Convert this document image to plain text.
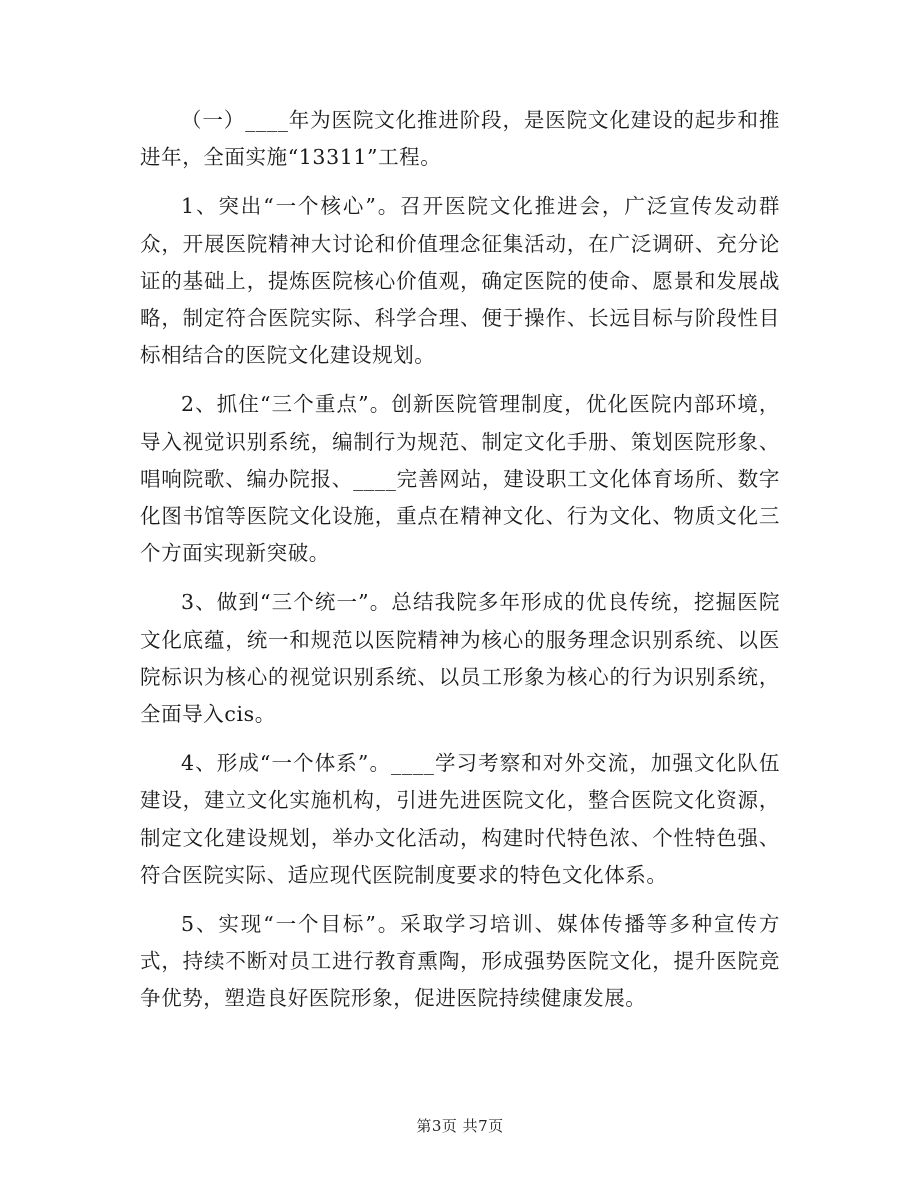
（一）____年为医院文化推进阶段，是医院文化建设的起步和推进年，全面实施“13311”工程。

1、突出“一个核心”。召开医院文化推进会，广泛宣传发动群众，开展医院精神大讨论和价值理念征集活动，在广泛调研、充分论证的基础上，提炼医院核心价值观，确定医院的使命、愿景和发展战略，制定符合医院实际、科学合理、便于操作、长远目标与阶段性目标相结合的医院文化建设规划。

2、抓住“三个重点”。创新医院管理制度，优化医院内部环境，导入视觉识别系统，编制行为规范、制定文化手册、策划医院形象、唱响院歌、编办院报、____完善网站，建设职工文化体育场所、数字化图书馆等医院文化设施，重点在精神文化、行为文化、物质文化三个方面实现新突破。

3、做到“三个统一”。总结我院多年形成的优良传统，挖掘医院文化底蕴，统一和规范以医院精神为核心的服务理念识别系统、以医院标识为核心的视觉识别系统、以员工形象为核心的行为识别系统，全面导入cis。

4、形成“一个体系”。____学习考察和对外交流，加强文化队伍建设，建立文化实施机构，引进先进医院文化，整合医院文化资源，制定文化建设规划，举办文化活动，构建时代特色浓、个性特色强、符合医院实际、适应现代医院制度要求的特色文化体系。

5、实现“一个目标”。采取学习培训、媒体传播等多种宣传方式，持续不断对员工进行教育熏陶，形成强势医院文化，提升医院竞争优势，塑造良好医院形象，促进医院持续健康发展。

第3页 共7页
